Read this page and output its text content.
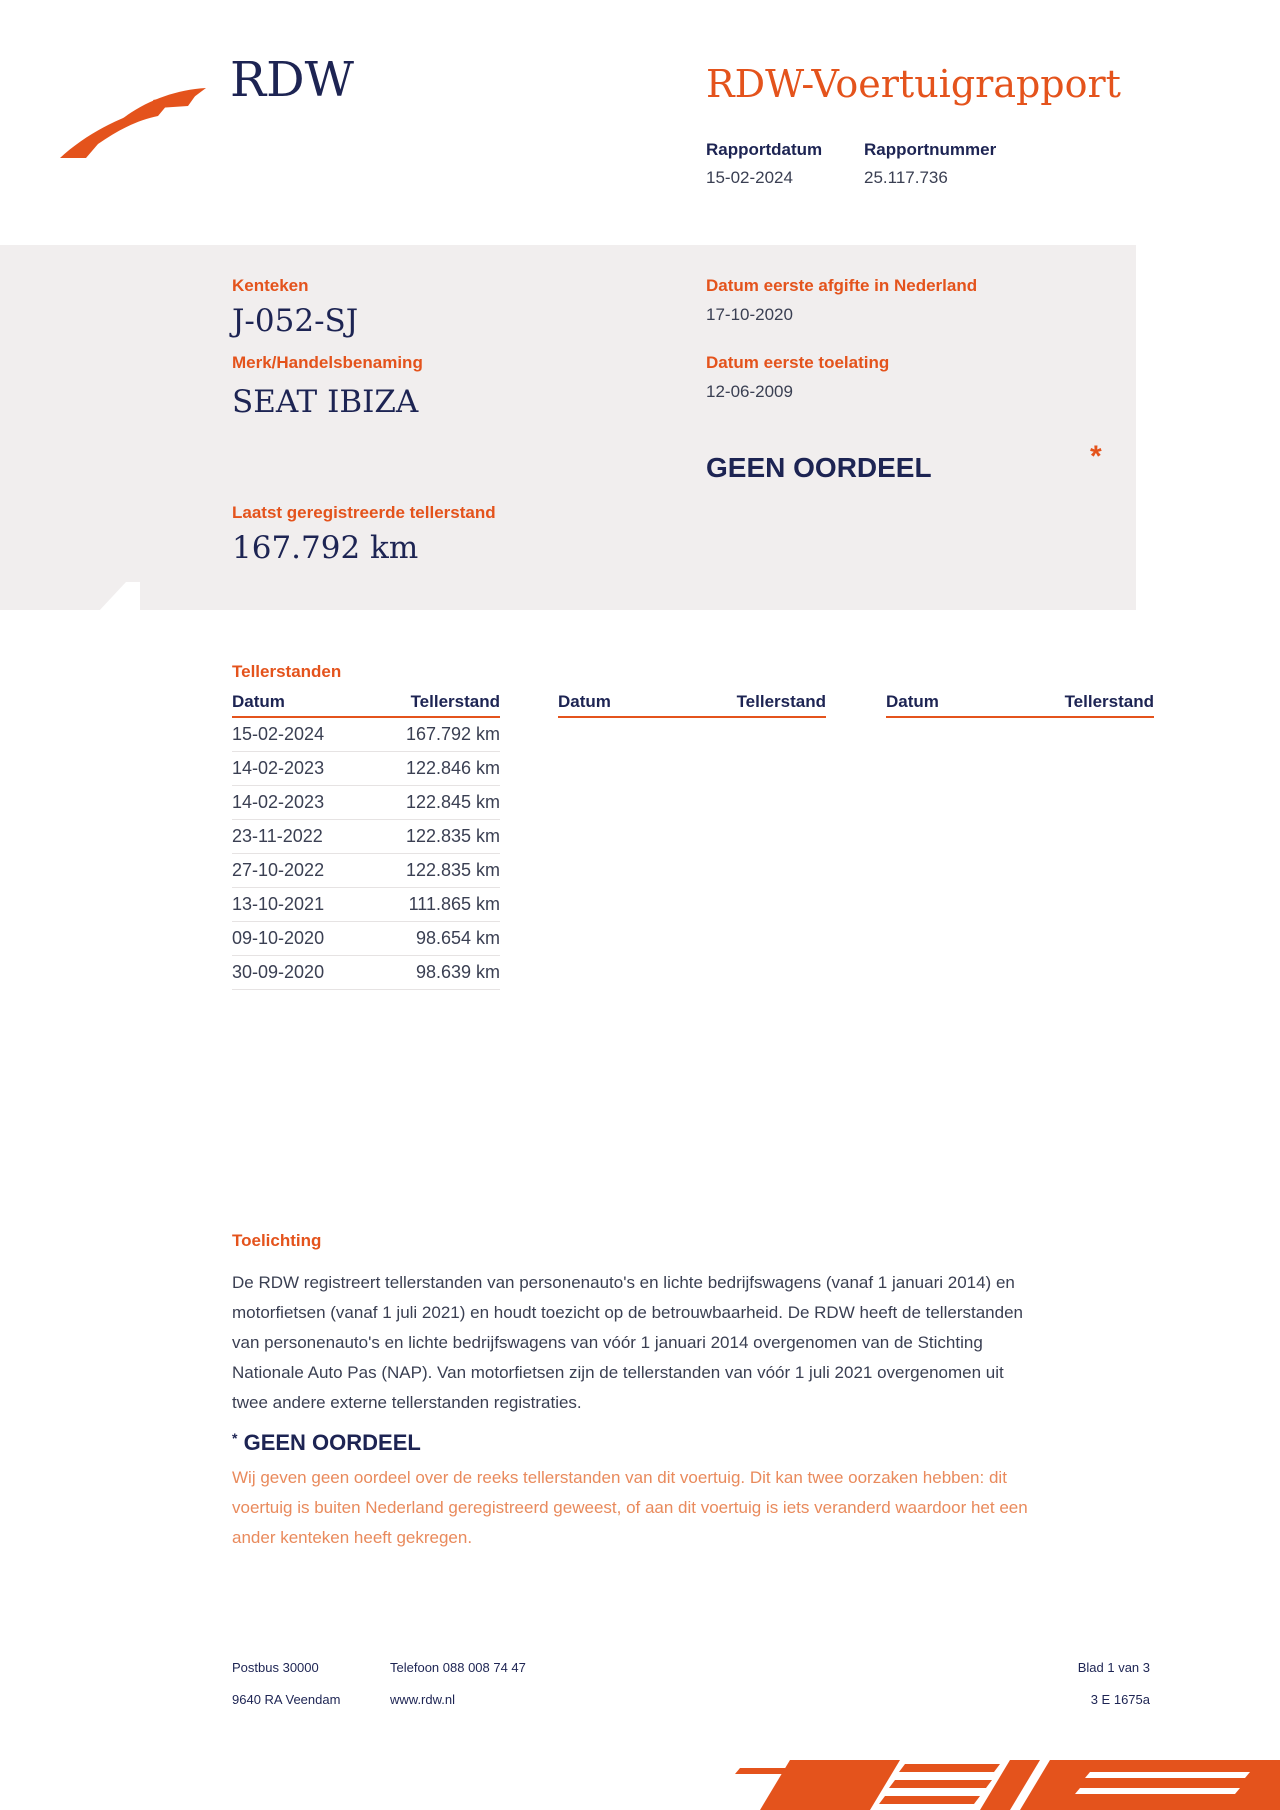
RDW	RDW-Voertuigrapport
Rapportdatum
15-02-2024
Rapportnummer
25.117.736
Kenteken
J-052-SJ
Merk/Handelsbenaming
SEAT IBIZA
Datum eerste afgifte in Nederland
17-10-2020
Datum eerste toelating
12-06-2009
GEEN OORDEEL	*
Laatst geregistreerde tellerstand
167.792 km
Tellerstanden
Datum	Tellerstand
15-02-2024	167.792 km
14-02-2023	122.846 km
14-02-2023	122.845 km
23-11-2022	122.835 km
27-10-2022	122.835 km
13-10-2021	111.865 km
09-10-2020	98.654 km
30-09-2020	98.639 km
Datum	Tellerstand	Datum	Tellerstand
Toelichting
De RDW registreert tellerstanden van personenauto's en lichte bedrijfswagens (vanaf 1 januari 2014) en
motorfietsen (vanaf 1 juli 2021) en houdt toezicht op de betrouwbaarheid. De RDW heeft de tellerstanden
van personenauto's en lichte bedrijfswagens van vóór 1 januari 2014 overgenomen van de Stichting
Nationale Auto Pas (NAP). Van motorfietsen zijn de tellerstanden van vóór 1 juli 2021 overgenomen uit
twee andere externe tellerstanden registraties.
* GEEN OORDEEL
Wij geven geen oordeel over de reeks tellerstanden van dit voertuig. Dit kan twee oorzaken hebben: dit
voertuig is buiten Nederland geregistreerd geweest, of aan dit voertuig is iets veranderd waardoor het een
ander kenteken heeft gekregen.
Postbus 30000
9640 RA Veendam
Telefoon 088 008 74 47
www.rdw.nl
Blad 1 van 3
3 E 1675a
